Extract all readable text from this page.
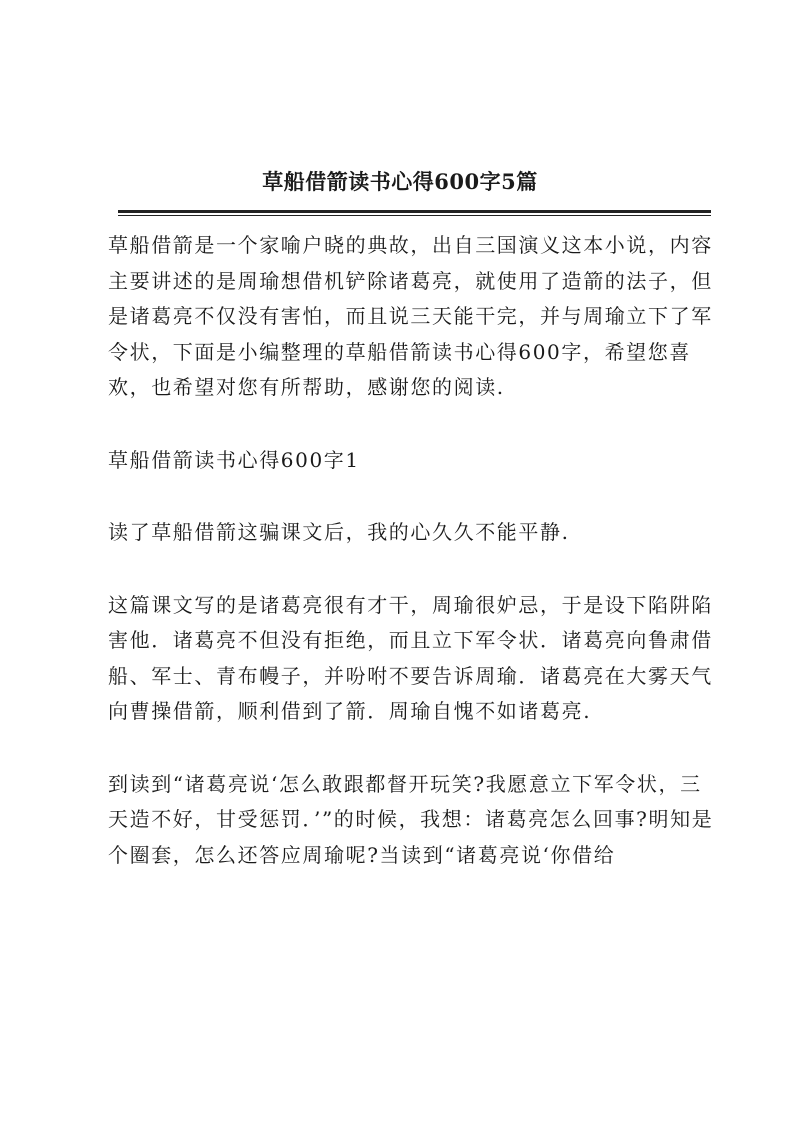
草船借箭读书心得600字5篇

草船借箭是一个家喻户晓的典故，出自三国演义这本小说，内容主要讲述的是周瑜想借机铲除诸葛亮，就使用了造箭的法子，但是诸葛亮不仅没有害怕，而且说三天能干完，并与周瑜立下了军令状，下面是小编整理的草船借箭读书心得600字，希望您喜欢，也希望对您有所帮助，感谢您的阅读.

草船借箭读书心得600字1

读了草船借箭这骗课文后，我的心久久不能平静.

这篇课文写的是诸葛亮很有才干，周瑜很妒忌，于是设下陷阱陷害他．诸葛亮不但没有拒绝，而且立下军令状．诸葛亮向鲁肃借船、军士、青布幔子，并吩咐不要告诉周瑜．诸葛亮在大雾天气向曹操借箭，顺利借到了箭．周瑜自愧不如诸葛亮.

到读到“诸葛亮说‘怎么敢跟都督开玩笑?我愿意立下军令状，三天造不好，甘受惩罚．’”的时候，我想：诸葛亮怎么回事?明知是个圈套，怎么还答应周瑜呢?当读到“诸葛亮说‘你借给
